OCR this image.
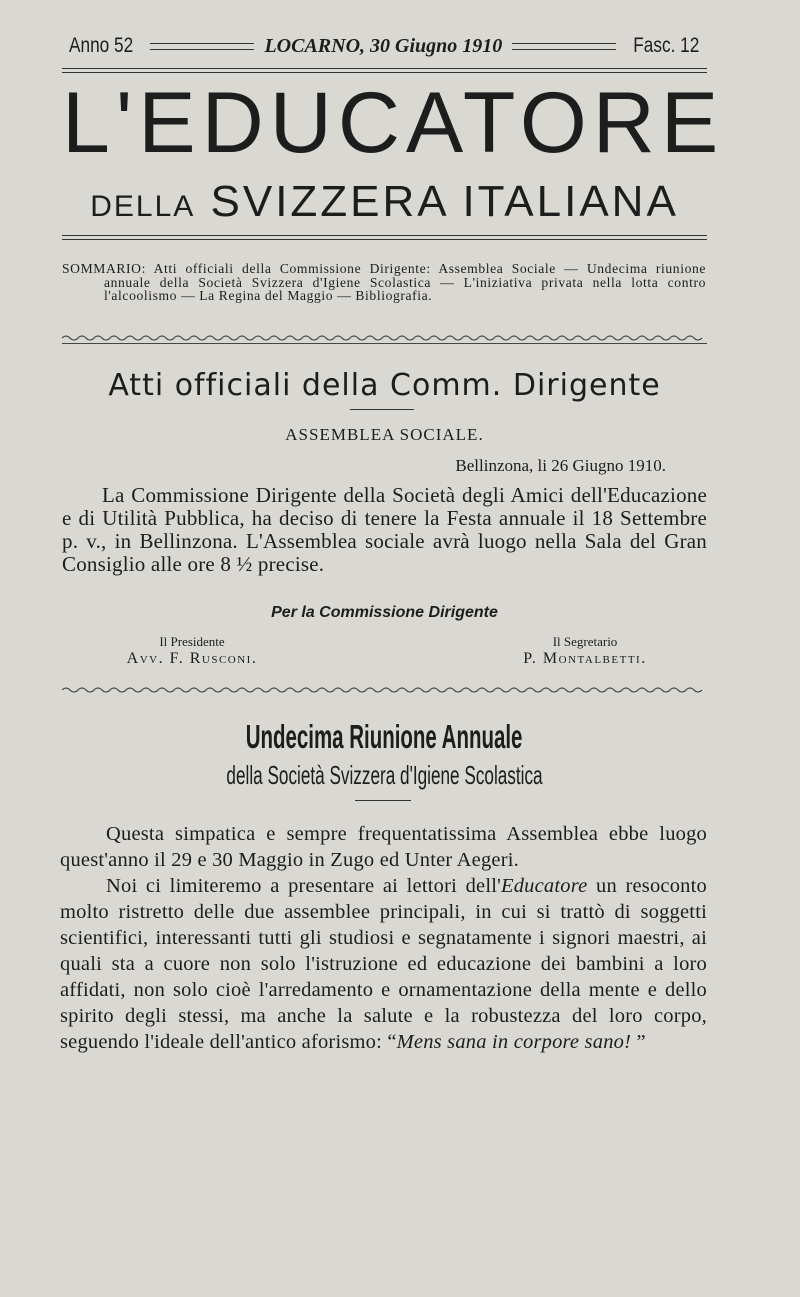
Anno 52	LOCARNO, 30 Giugno 1910	Fasc. 12
L'EDUCATORE
DELLA SVIZZERA ITALIANA
SOMMARIO: Atti officiali della Commissione Dirigente: Assemblea Sociale — Undecima riunione annuale della Società Svizzera d'Igiene Scolastica — L'iniziativa privata nella lotta contro l'alcoolismo — La Regina del Maggio — Bibliografia.
Atti officiali della Comm. Dirigente
ASSEMBLEA SOCIALE.
Bellinzona, li 26 Giugno 1910.

La Commissione Dirigente della Società degli Amici dell'Educazione e di Utilità Pubblica, ha deciso di tenere la Festa annuale il 18 Settembre p. v., in Bellinzona. L'Assemblea sociale avrà luogo nella Sala del Gran Consiglio alle ore 8 ½ precise.

Per la Commissione Dirigente
Il Presidente
Avv. F. Rusconi.
Il Segretario
P. Montalbetti.
Undecima Riunione Annuale
della Società Svizzera d'Igiene Scolastica

Questa simpatica e sempre frequentatissima Assemblea ebbe luogo quest'anno il 29 e 30 Maggio in Zugo ed Unter Aegeri.

Noi ci limiteremo a presentare ai lettori dell'Educatore un resoconto molto ristretto delle due assemblee principali, in cui si trattò di soggetti scientifici, interessanti tutti gli studiosi e segnatamente i signori maestri, ai quali sta a cuore non solo l'istruzione ed educazione dei bambini a loro affidati, non solo cioè l'arredamento e ornamentazione della mente e dello spirito degli stessi, ma anche la salute e la robustezza del loro corpo, seguendo l'ideale dell'antico aforismo: “Mens sana in corpore sano! ”
